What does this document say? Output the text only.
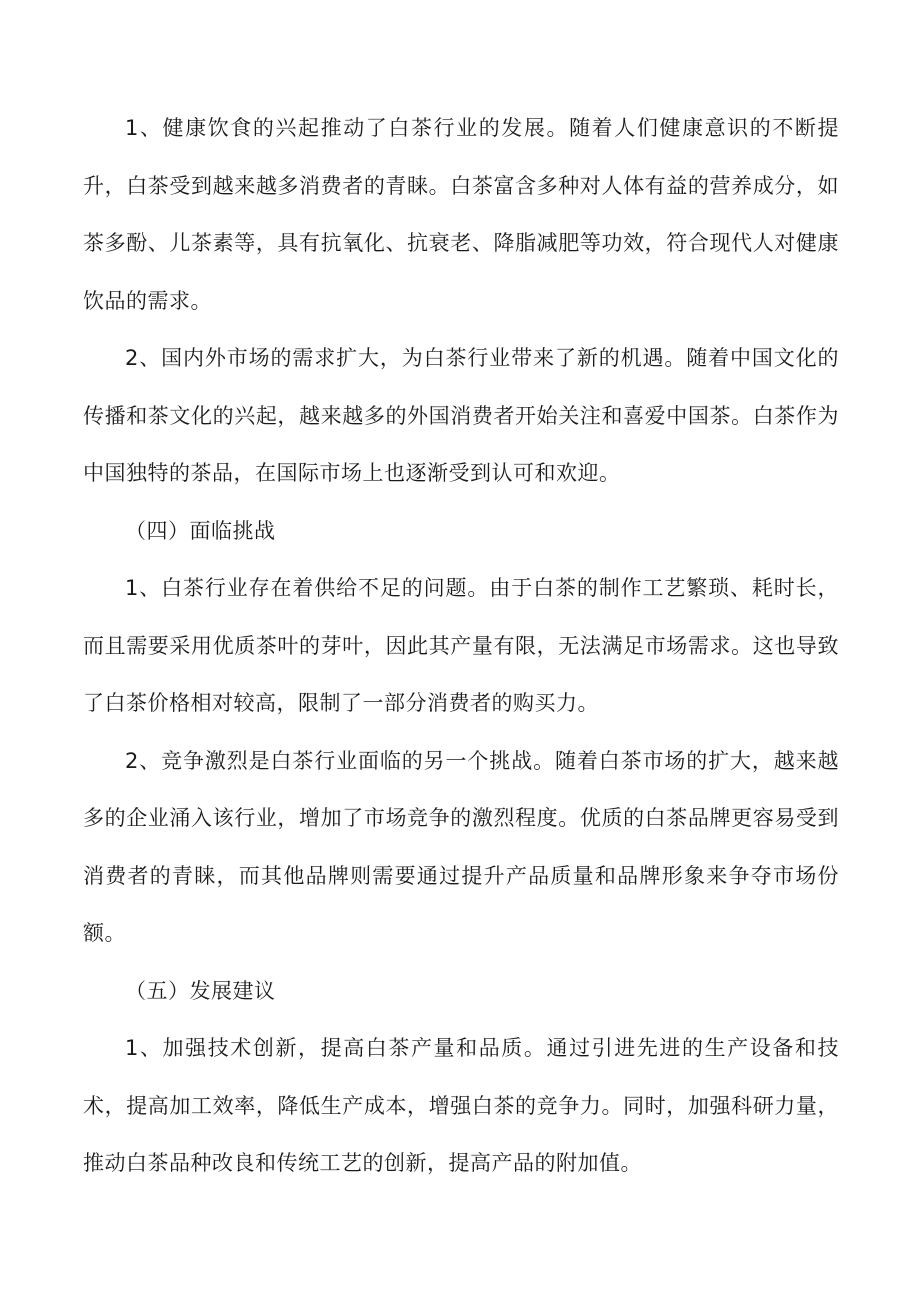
1、健康饮食的兴起推动了白茶行业的发展。随着人们健康意识的不断提升，白茶受到越来越多消费者的青睐。白茶富含多种对人体有益的营养成分，如茶多酚、儿茶素等，具有抗氧化、抗衰老、降脂减肥等功效，符合现代人对健康饮品的需求。

2、国内外市场的需求扩大，为白茶行业带来了新的机遇。随着中国文化的传播和茶文化的兴起，越来越多的外国消费者开始关注和喜爱中国茶。白茶作为中国独特的茶品，在国际市场上也逐渐受到认可和欢迎。

（四）面临挑战

1、白茶行业存在着供给不足的问题。由于白茶的制作工艺繁琐、耗时长，而且需要采用优质茶叶的芽叶，因此其产量有限，无法满足市场需求。这也导致了白茶价格相对较高，限制了一部分消费者的购买力。

2、竞争激烈是白茶行业面临的另一个挑战。随着白茶市场的扩大，越来越多的企业涌入该行业，增加了市场竞争的激烈程度。优质的白茶品牌更容易受到消费者的青睐，而其他品牌则需要通过提升产品质量和品牌形象来争夺市场份额。

（五）发展建议

1、加强技术创新，提高白茶产量和品质。通过引进先进的生产设备和技术，提高加工效率，降低生产成本，增强白茶的竞争力。同时，加强科研力量，推动白茶品种改良和传统工艺的创新，提高产品的附加值。
